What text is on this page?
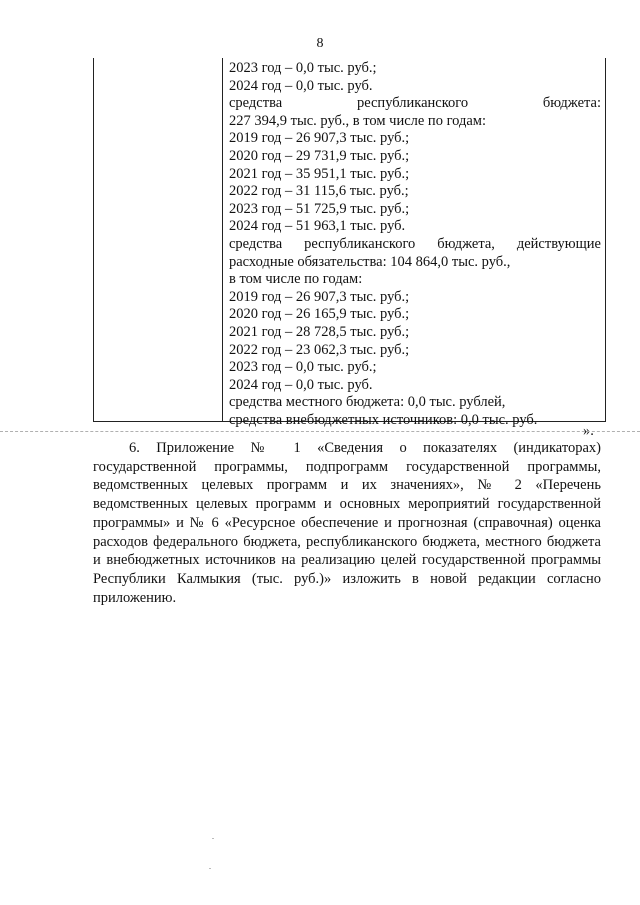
8
2023 год – 0,0 тыс. руб.;
2024 год – 0,0 тыс. руб.
средства республиканского бюджета:
227 394,9 тыс. руб., в том числе по годам:
2019 год – 26 907,3 тыс. руб.;
2020 год – 29 731,9 тыс. руб.;
2021 год – 35 951,1 тыс. руб.;
2022 год – 31 115,6 тыс. руб.;
2023 год – 51 725,9 тыс. руб.;
2024 год – 51 963,1 тыс. руб.
средства республиканского бюджета, действующие
расходные обязательства: 104 864,0 тыс. руб.,
в том числе по годам:
2019 год – 26 907,3 тыс. руб.;
2020 год – 26 165,9 тыс. руб.;
2021 год – 28 728,5 тыс. руб.;
2022 год – 23 062,3 тыс. руб.;
2023 год – 0,0 тыс. руб.;
2024 год – 0,0 тыс. руб.
средства местного бюджета: 0,0 тыс. рублей,
средства внебюджетных источников: 0,0 тыс. руб.
».
6. Приложение № 1 «Сведения о показателях (индикаторах) государственной программы, подпрограмм государственной программы, ведомственных целевых программ и их значениях», № 2 «Перечень ведомственных целевых программ и основных мероприятий государственной программы» и № 6 «Ресурсное обеспечение и прогнозная (справочная) оценка расходов федерального бюджета, республиканского бюджета, местного бюджета и внебюджетных источников на реализацию целей государственной программы Республики Калмыкия (тыс. руб.)» изложить в новой редакции согласно приложению.
